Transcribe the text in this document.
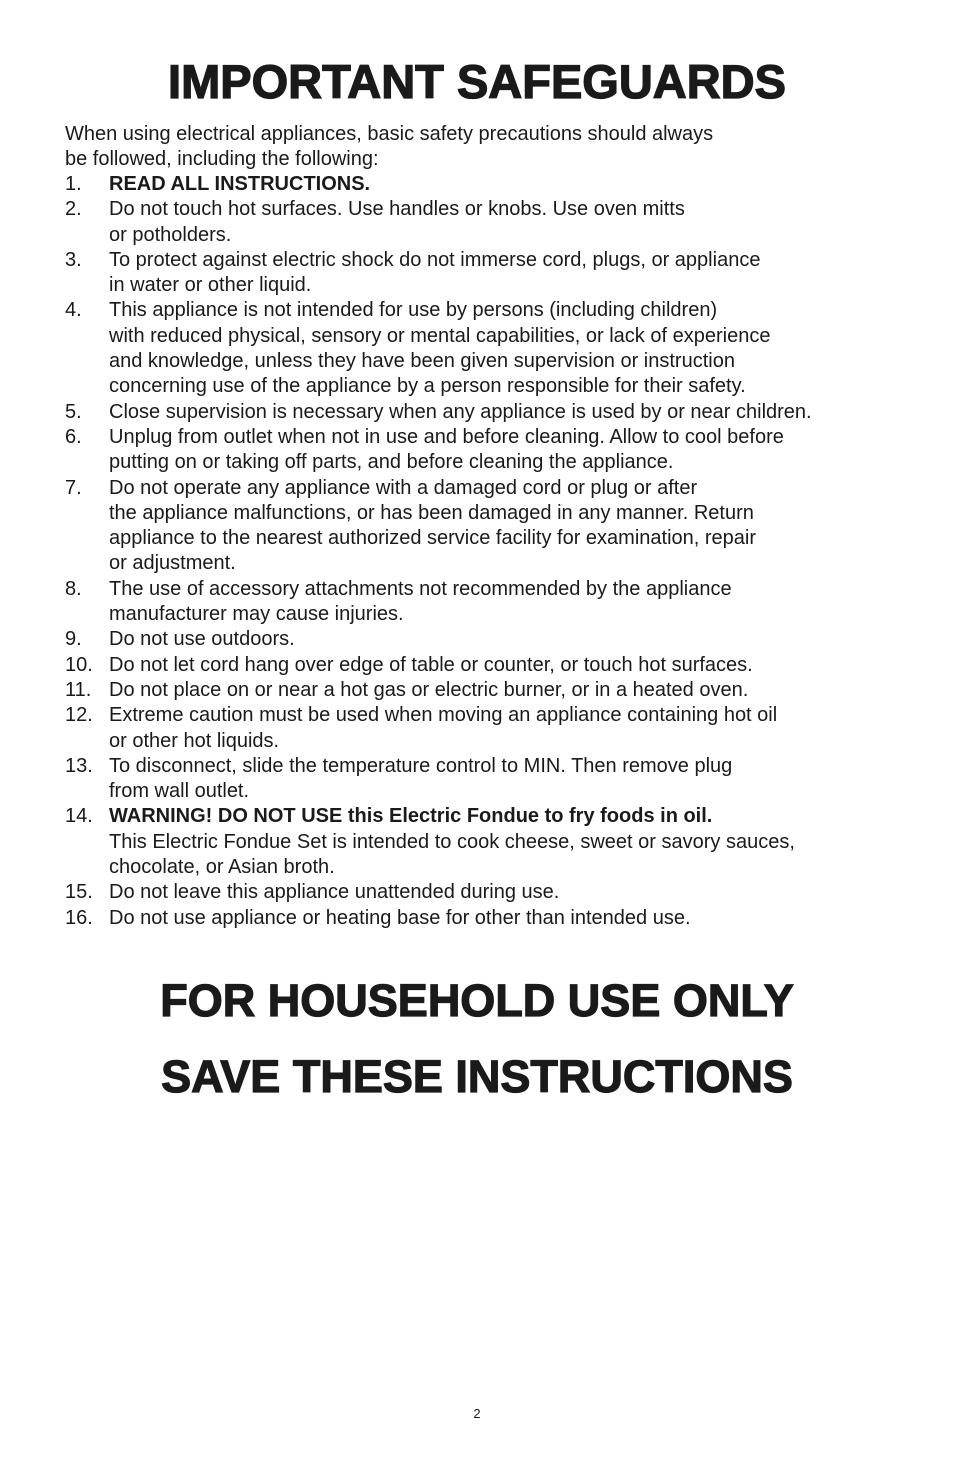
IMPORTANT SAFEGUARDS

When using electrical appliances, basic safety precautions should always
be followed, including the following:

1.	READ ALL INSTRUCTIONS.
2.	Do not touch hot surfaces. Use handles or knobs. Use oven mitts
or potholders.
3.	To protect against electric shock do not immerse cord, plugs, or appliance
in water or other liquid.
4.	This appliance is not intended for use by persons (including children)
with reduced physical, sensory or mental capabilities, or lack of experience
and knowledge, unless they have been given supervision or instruction
concerning use of the appliance by a person responsible for their safety.
5.	Close supervision is necessary when any appliance is used by or near children.
6.	Unplug from outlet when not in use and before cleaning. Allow to cool before
putting on or taking off parts, and before cleaning the appliance.
7.	Do not operate any appliance with a damaged cord or plug or after
the appliance malfunctions, or has been damaged in any manner. Return
appliance to the nearest authorized service facility for examination, repair
or adjustment.
8.	The use of accessory attachments not recommended by the appliance
manufacturer may cause injuries.
9.	Do not use outdoors.
10. Do not let cord hang over edge of table or counter, or touch hot surfaces.
11. Do not place on or near a hot gas or electric burner, or in a heated oven.
12. Extreme caution must be used when moving an appliance containing hot oil
or other hot liquids.
13. To disconnect, slide the temperature control to MIN. Then remove plug
from wall outlet.
14. WARNING! DO NOT USE this Electric Fondue to fry foods in oil.
This Electric Fondue Set is intended to cook cheese, sweet or savory sauces,
chocolate, or Asian broth.
15. Do not leave this appliance unattended during use.
16. Do not use appliance or heating base for other than intended use.
FOR HOUSEHOLD USE ONLY
SAVE THESE INSTRUCTIONS
2
